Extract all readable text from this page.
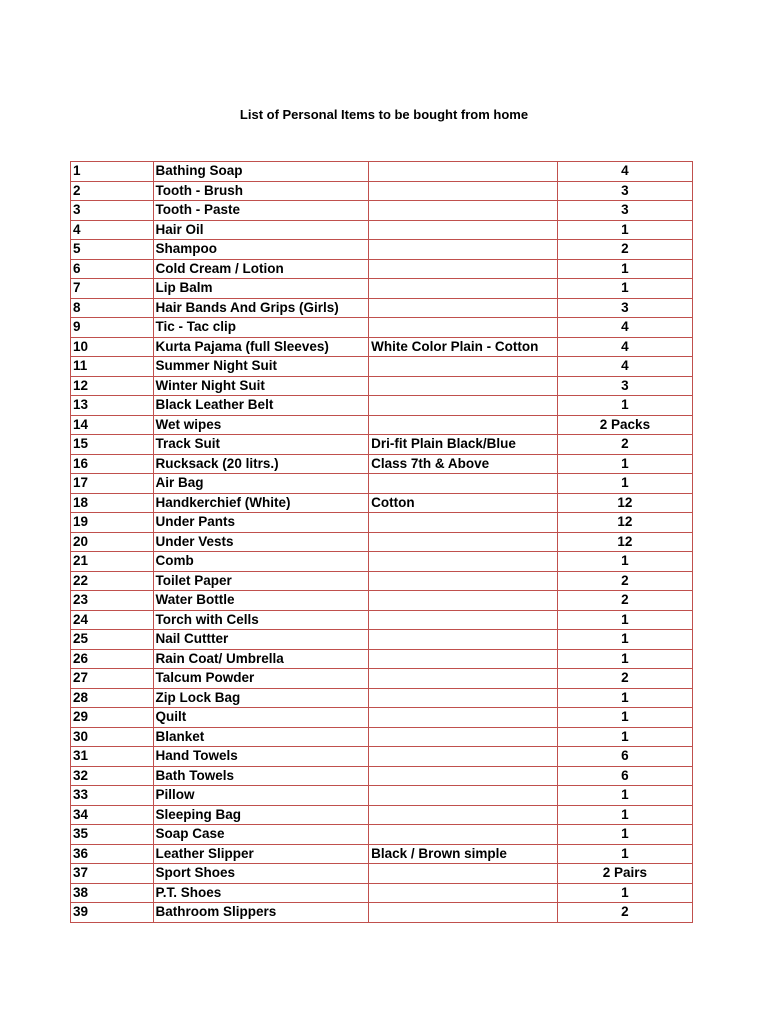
List of Personal Items to be bought from home
1	Bathing Soap		4
2	Tooth - Brush		3
3	Tooth - Paste		3
4	Hair Oil		1
5	Shampoo		2
6	Cold Cream / Lotion		1
7	Lip Balm		1
8	Hair Bands And Grips (Girls)		3
9	Tic - Tac clip		4
10	Kurta Pajama (full Sleeves)	White Color Plain - Cotton	4
11	Summer Night Suit		4
12	Winter Night Suit		3
13	Black Leather Belt		1
14	Wet wipes		2 Packs
15	Track Suit	Dri-fit Plain Black/Blue	2
16	Rucksack (20 litrs.)	Class 7th & Above	1
17	Air Bag		1
18	Handkerchief (White)	Cotton	12
19	Under Pants		12
20	Under Vests		12
21	Comb		1
22	Toilet Paper		2
23	Water Bottle		2
24	Torch with Cells		1
25	Nail Cuttter		1
26	Rain Coat/ Umbrella		1
27	Talcum Powder		2
28	Zip Lock Bag		1
29	Quilt		1
30	Blanket		1
31	Hand Towels		6
32	Bath Towels		6
33	Pillow		1
34	Sleeping Bag		1
35	Soap Case		1
36	Leather Slipper	Black / Brown simple	1
37	Sport Shoes		2 Pairs
38	P.T. Shoes		1
39	Bathroom Slippers		2
